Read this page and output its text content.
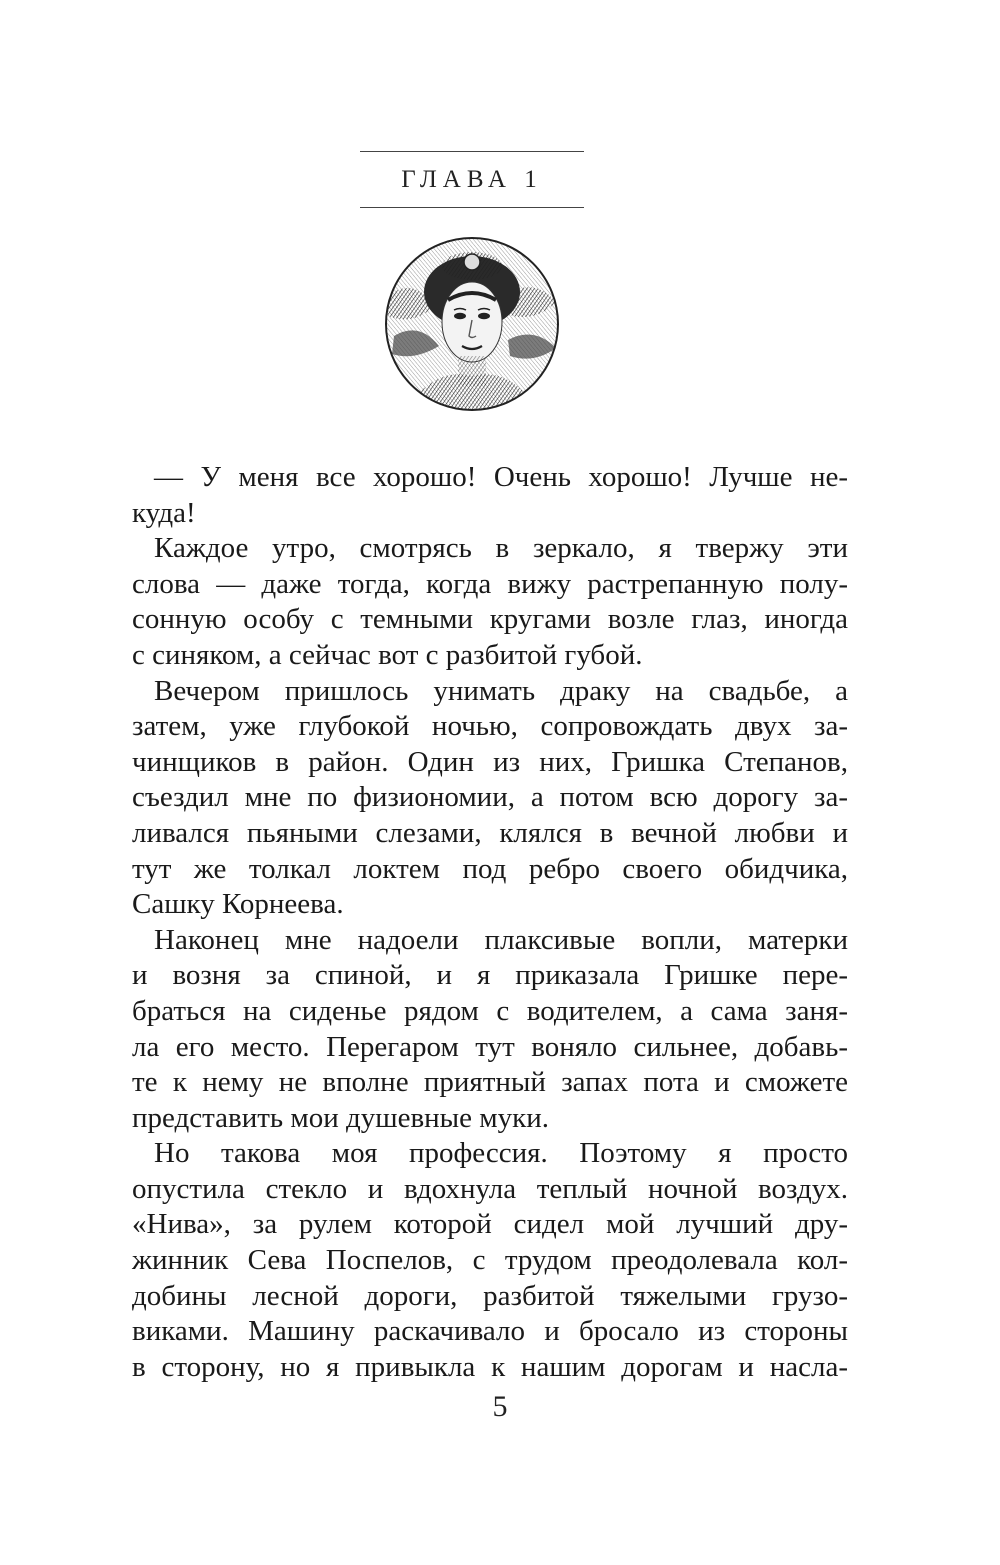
ГЛАВА 1
— У меня все хорошо! Очень хорошо! Лучше не-
куда!
Каждое утро, смотрясь в зеркало, я твержу эти
слова — даже тогда, когда вижу растрепанную полу-
сонную особу с темными кругами возле глаз, иногда
с синяком, а сейчас вот с разбитой губой.
Вечером пришлось унимать драку на свадьбе, а
затем, уже глубокой ночью, сопровождать двух за-
чинщиков в район. Один из них, Гришка Степанов,
съездил мне по физиономии, а потом всю дорогу за-
ливался пьяными слезами, клялся в вечной любви и
тут же толкал локтем под ребро своего обидчика,
Сашку Корнеева.
Наконец мне надоели плаксивые вопли, матерки
и возня за спиной, и я приказала Гришке пере-
браться на сиденье рядом с водителем, а сама заня-
ла его место. Перегаром тут воняло сильнее, добавь-
те к нему не вполне приятный запах пота и сможете
представить мои душевные муки.
Но такова моя профессия. Поэтому я просто
опустила стекло и вдохнула теплый ночной воздух.
«Нива», за рулем которой сидел мой лучший дру-
жинник Сева Поспелов, с трудом преодолевала кол-
добины лесной дороги, разбитой тяжелыми грузо-
виками. Машину раскачивало и бросало из стороны
в сторону, но я привыкла к нашим дорогам и насла-
5
